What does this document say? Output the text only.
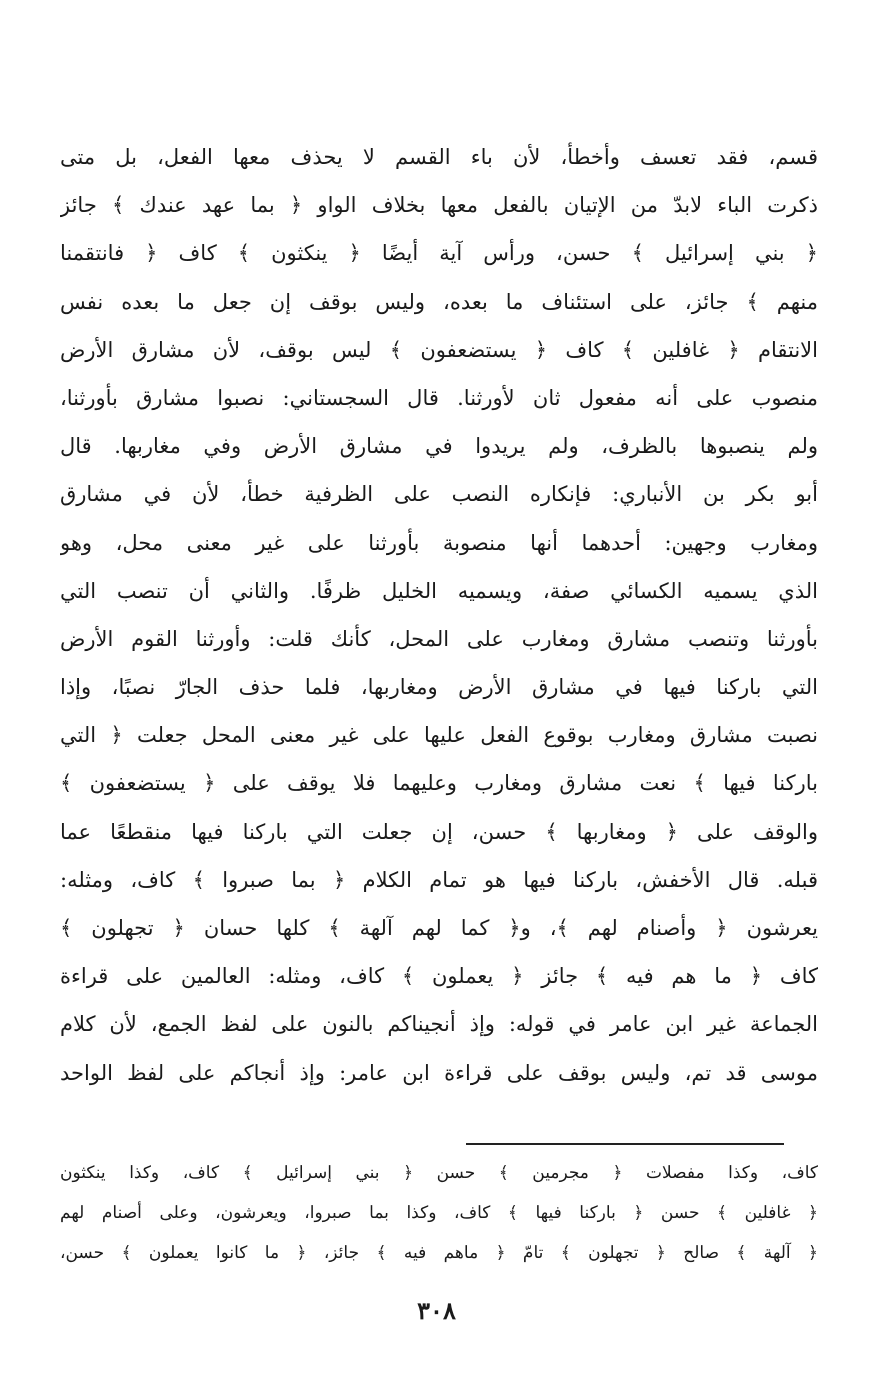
قسم، فقد تعسف وأخطأ، لأن باء القسم لا يحذف معها الفعل، بل متى
ذكرت الباء لابدّ من الإتيان بالفعل معها بخلاف الواو ﴿ بما عهد عندك ﴾ جائز
﴿ بني إسرائيل ﴾ حسن، ورأس آية أيضًا ﴿ ينكثون ﴾ كاف ﴿ فانتقمنا
منهم ﴾ جائز، على استئناف ما بعده، وليس بوقف إن جعل ما بعده نفس
الانتقام ﴿ غافلين ﴾ كاف ﴿ يستضعفون ﴾ ليس بوقف، لأن مشارق الأرض
منصوب على أنه مفعول ثان لأورثنا. قال السجستاني: نصبوا مشارق بأورثنا،
ولم ينصبوها بالظرف، ولم يريدوا في مشارق الأرض وفي مغاربها. قال
أبو بكر بن الأنباري: فإنكاره النصب على الظرفية خطأ، لأن في مشارق
ومغارب وجهين: أحدهما أنها منصوبة بأورثنا على غير معنى محل، وهو
الذي يسميه الكسائي صفة، ويسميه الخليل ظرفًا. والثاني أن تنصب التي
بأورثنا وتنصب مشارق ومغارب على المحل، كأنك قلت: وأورثنا القوم الأرض
التي باركنا فيها في مشارق الأرض ومغاربها، فلما حذف الجارّ نصبًا، وإذا
نصبت مشارق ومغارب بوقوع الفعل عليها على غير معنى المحل جعلت ﴿ التي
باركنا فيها ﴾ نعت مشارق ومغارب وعليهما فلا يوقف على ﴿ يستضعفون ﴾
والوقف على ﴿ ومغاربها ﴾ حسن، إن جعلت التي باركنا فيها منقطعًا عما
قبله. قال الأخفش، باركنا فيها هو تمام الكلام ﴿ بما صبروا ﴾ كاف، ومثله:
يعرشون ﴿ وأصنام لهم ﴾، و﴿ كما لهم آلهة ﴾ كلها حسان ﴿ تجهلون ﴾
كاف ﴿ ما هم فيه ﴾ جائز ﴿ يعملون ﴾ كاف، ومثله: العالمين على قراءة
الجماعة غير ابن عامر في قوله: وإذ أنجيناكم بالنون على لفظ الجمع، لأن كلام
موسى قد تم، وليس بوقف على قراءة ابن عامر: وإذ أنجاكم على لفظ الواحد
كاف، وكذا مفصلات ﴿ مجرمين ﴾ حسن ﴿ بني إسرائيل ﴾ كاف، وكذا ينكثون
﴿ غافلين ﴾ حسن ﴿ باركنا فيها ﴾ كاف، وكذا بما صبروا، ويعرشون، وعلى أصنام لهم
﴿ آلهة ﴾ صالح ﴿ تجهلون ﴾ تامّ ﴿ ماهم فيه ﴾ جائز، ﴿ ما كانوا يعملون ﴾ حسن،
٣٠٨
